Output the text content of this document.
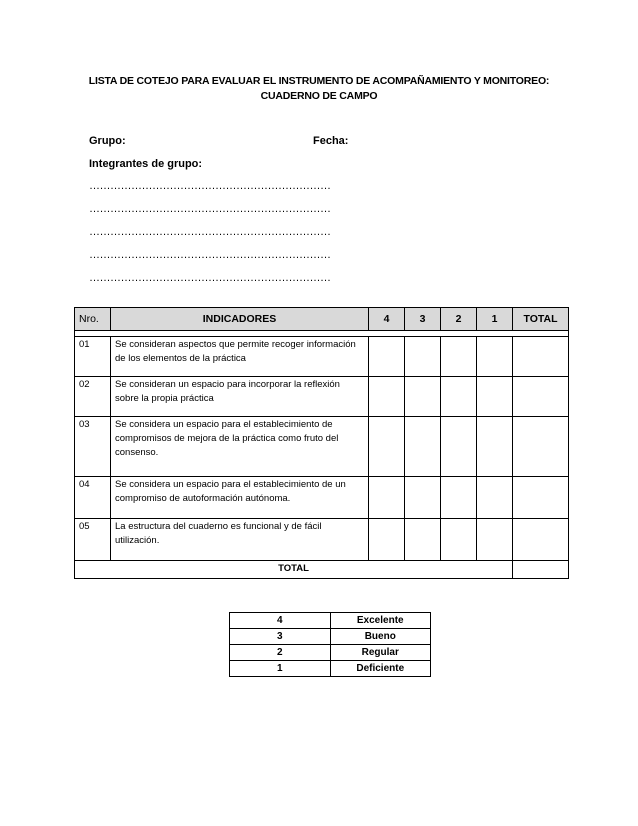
LISTA DE COTEJO PARA EVALUAR EL INSTRUMENTO DE ACOMPAÑAMIENTO Y MONITOREO:
CUADERNO DE CAMPO
Grupo:	Fecha:
Integrantes de grupo:
……………………………………………………………
……………………………………………………………
……………………………………………………………
……………………………………………………………
……………………………………………………………
Nro.	INDICADORES	4	3	2	1	TOTAL

01	Se consideran aspectos que permite recoger información de los elementos de la práctica					
02	Se consideran un espacio para incorporar la reflexión sobre la propia práctica					
03	Se considera un espacio para el establecimiento de compromisos de mejora de la práctica como fruto del consenso.					
04	Se considera un espacio para el establecimiento de un compromiso de autoformación autónoma.					
05	La estructura del cuaderno es funcional y de fácil utilización.					
TOTAL						
4	Excelente
3	Bueno
2	Regular
1	Deficiente
